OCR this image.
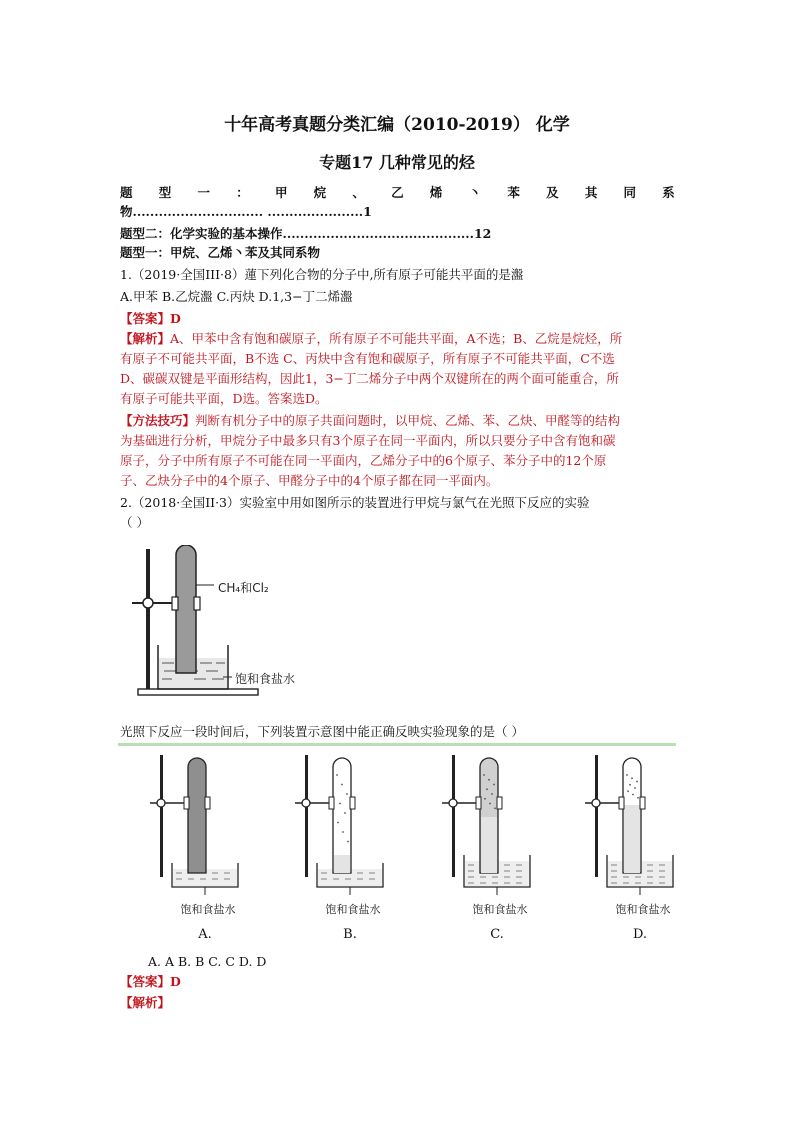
十年高考真题分类汇编（2010-2019） 化学
专题17 几种常见的烃
题 型 一 ： 甲 烷 、 乙 烯 丶 苯 及 其 同 系
物.............................. ......................1
题型二：化学实验的基本操作............................................12
题型一：甲烷、乙烯丶苯及其同系物
1.（2019·全国III·8）蓮下列化合物的分子中,所有原子可能共平面的是瀊
A.甲苯 B.乙烷瀊 C.丙炔 D.1,3−丁二烯瀊
【答案】D
【解析】A、甲苯中含有饱和碳原子，所有原子不可能共平面，A不选；B、乙烷是烷烃，所
有原子不可能共平面，B不选 C、丙炔中含有饱和碳原子，所有原子不可能共平面，C不选
D、碳碳双键是平面形结构，因此1，3−丁二烯分子中两个双键所在的两个面可能重合，所
有原子可能共平面，D选。答案选D。
【方法技巧】判断有机分子中的原子共面问题时，以甲烷、乙烯、苯、乙炔、甲醛等的结构
为基础进行分析，甲烷分子中最多只有3个原子在同一平面内，所以只要分子中含有饱和碳
原子，分子中所有原子不可能在同一平面内，乙烯分子中的6个原子、苯分子中的12个原
子、乙炔分子中的4个原子、甲醛分子中的4个原子都在同一平面内。
2.（2018·全国II·3）实验室中用如图所示的装置进行甲烷与氯气在光照下反应的实验
（ ）
CH₄和Cl₂
饱和食盐水
光照下反应一段时间后，下列装置示意图中能正确反映实验现象的是（ ）
饱和食盐水
A.
饱和食盐水
B.
饱和食盐水
C.
饱和食盐水
D.
A. A B. B C. C D. D
【答案】D
【解析】
